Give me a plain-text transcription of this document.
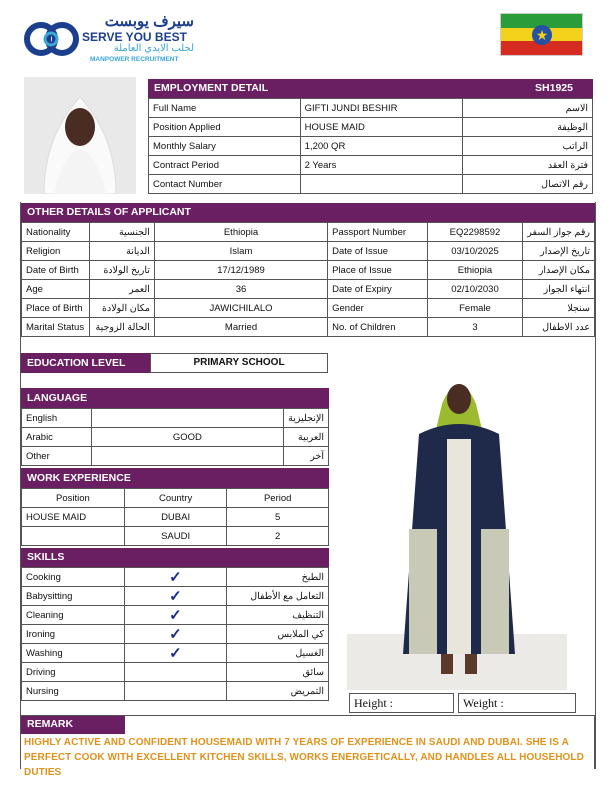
سيرف يوبست
SERVE YOU BEST
لجلب الايدي العاملة
MANPOWER RECRUITMENT
★
EMPLOYMENT DETAIL	SH1925
Full Name	GIFTI JUNDI BESHIR	الاسم
Position Applied	HOUSE MAID	الوظيفة
Monthly Salary	1,200 QR	الراتب
Contract Period	2 Years	فترة العقد
Contact Number		رقم الاتصال
OTHER DETAILS OF APPLICANT
Nationality	الجنسية	Ethiopia	Passport Number	EQ2298592	رقم جواز السفر
Religion	الديانة	Islam	Date of Issue	03/10/2025	تاريخ الإصدار
Date of Birth	تاريخ الولادة	17/12/1989	Place of Issue	Ethiopia	مكان الإصدار
Age	العمر	36	Date of Expiry	02/10/2030	انتهاء الجواز
Place of Birth	مكان الولادة	JAWICHILALO	Gender	Female	سنجلا
Marital Status	الحالة الزوجية	Married	No. of Children	3	عدد الاطفال
EDUCATION LEVEL	PRIMARY SCHOOL
LANGUAGE
English		الإنجليزية
Arabic	GOOD	العربية
Other		آخر
WORK EXPERIENCE
Position	Country	Period
HOUSE MAID	DUBAI	5
	SAUDI	2
SKILLS
Cooking	✓	الطبخ
Babysitting	✓	التعامل مع الأطفال
Cleaning	✓	التنظيف
Ironing	✓	كي الملابس
Washing	✓	الغسيل
Driving		سائق
Nursing		التمريض
Height :	Weight :
REMARK
HIGHLY ACTIVE AND CONFIDENT HOUSEMAID WITH 7 YEARS OF EXPERIENCE IN SAUDI AND DUBAI. SHE IS A PERFECT COOK WITH EXCELLENT KITCHEN SKILLS, WORKS ENERGETICALLY, AND HANDLES ALL HOUSEHOLD DUTIES
